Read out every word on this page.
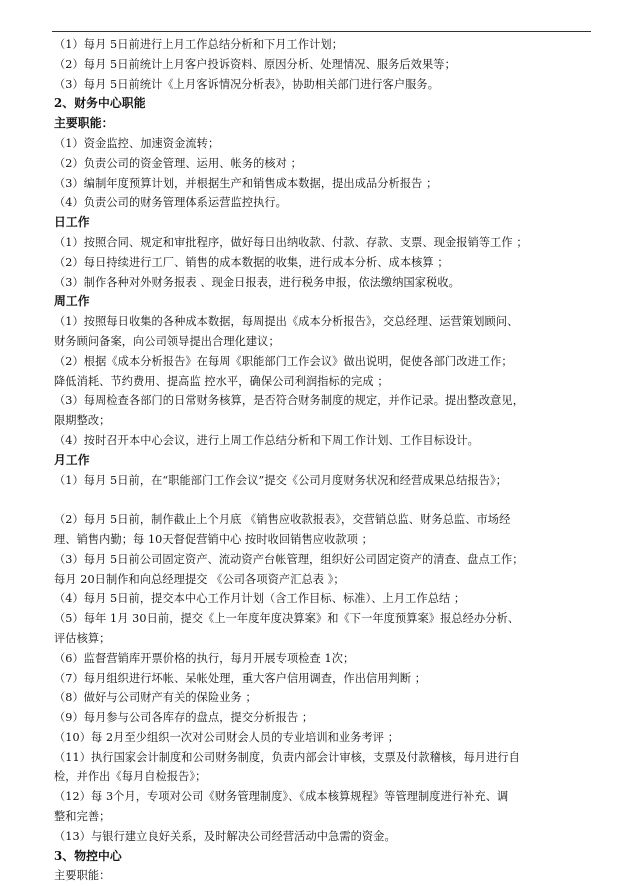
（1）每月 5日前进行上月工作总结分析和下月工作计划；
（2）每月 5日前统计上月客户投诉资料、原因分析、处理情况、服务后效果等；
（3）每月 5日前统计《上月客诉情况分析表》，协助相关部门进行客户服务。
2、财务中心职能
主要职能：
（1）资金监控、加速资金流转；
（2）负责公司的资金管理、运用、帐务的核对 ；
（3）编制年度预算计划，并根据生产和销售成本数据，提出成品分析报告 ；
（4）负责公司的财务管理体系运营监控执行。
日工作
（1）按照合同、规定和审批程序，做好每日出纳收款、付款、存款、支票、现金报销等工作 ；
（2）每日持续进行工厂、销售的成本数据的收集，进行成本分析、成本核算 ；
（3）制作各种对外财务报表 、现金日报表，进行税务申报，依法缴纳国家税收。
周工作
（1）按照每日收集的各种成本数据，每周提出《成本分析报告》，交总经理、运营策划顾问、
财务顾问备案，向公司领导提出合理化建议；
（2）根据《成本分析报告》在每周《职能部门工作会议》做出说明，促使各部门改进工作；
降低消耗、节约费用、提高监 控水平，确保公司利润指标的完成 ；
（3）每周检查各部门的日常财务核算，是否符合财务制度的规定，并作记录。提出整改意见，
限期整改；
（4）按时召开本中心会议，进行上周工作总结分析和下周工作计划、工作目标设计。
月工作
（1）每月 5日前，在“职能部门工作会议”提交《公司月度财务状况和经营成果总结报告》；
（2）每月 5日前，制作截止上个月底 《销售应收款报表》，交营销总监、财务总监、市场经
理、销售内勤；每 10天督促营销中心 按时收回销售应收款项 ；
（3）每月 5日前公司固定资产、流动资产台帐管理，组织好公司固定资产的清查、盘点工作；
每月 20日制作和向总经理提交 《公司各项资产汇总表 》；
（4）每月 5日前，提交本中心工作月计划（含工作目标、标准）、上月工作总结 ；
（5）每年 1月 30日前，提交《上一年度年度决算案》和《下一年度预算案》报总经办分析、
评估核算；
（6）监督营销库开票价格的执行，每月开展专项检查 1次；
（7）每月组织进行坏帐、呆帐处理，重大客户信用调查，作出信用判断 ；
（8）做好与公司财产有关的保险业务 ；
（9）每月参与公司各库存的盘点，提交分析报告 ；
（10）每 2月至少组织一次对公司财会人员的专业培训和业务考评 ；
（11）执行国家会计制度和公司财务制度，负责内部会计审核，支票及付款稽核，每月进行自
检，并作出《每月自检报告》；
（12）每 3个月，专项对公司《财务管理制度》、《成本核算规程》等管理制度进行补充、调
整和完善；
（13）与银行建立良好关系，及时解决公司经营活动中急需的资金。
3、物控中心
主要职能：
